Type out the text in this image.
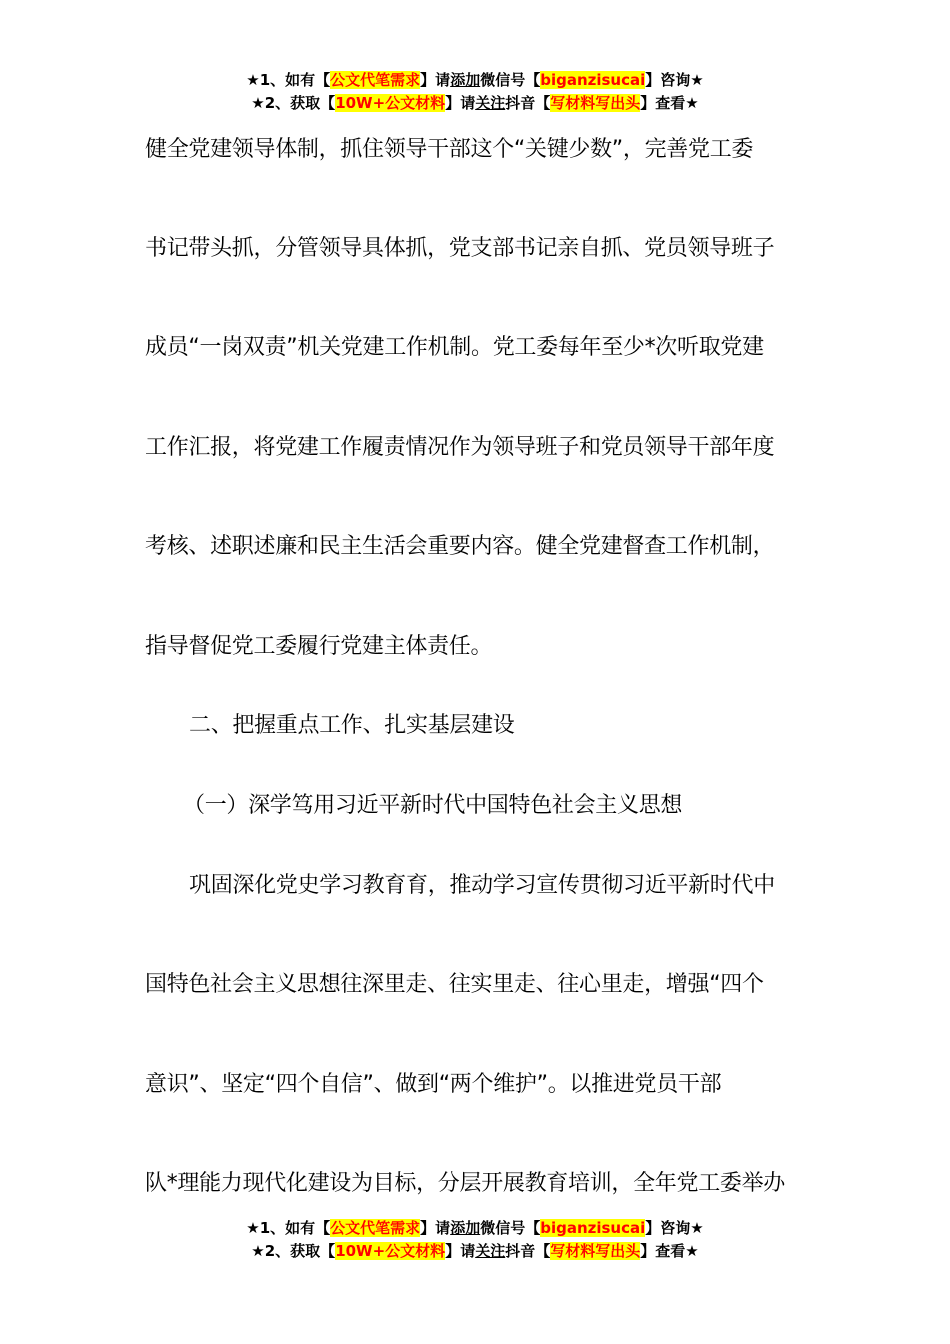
★1、如有【公文代笔需求】请添加微信号【biganzisucai】咨询★
★2、获取【10W+公文材料】请关注抖音【写材料写出头】查看★
健全党建领导体制，抓住领导干部这个“关键少数”，完善党工委
书记带头抓，分管领导具体抓，党支部书记亲自抓、党员领导班子
成员“一岗双责”机关党建工作机制。党工委每年至少*次听取党建
工作汇报，将党建工作履责情况作为领导班子和党员领导干部年度
考核、述职述廉和民主生活会重要内容。健全党建督查工作机制，
指导督促党工委履行党建主体责任。
二、把握重点工作、扎实基层建设
（一）深学笃用习近平新时代中国特色社会主义思想
巩固深化党史学习教育育，推动学习宣传贯彻习近平新时代中
国特色社会主义思想往深里走、往实里走、往心里走，增强“四个
意识”、坚定“四个自信”、做到“两个维护”。以推进党员干部
队*理能力现代化建设为目标，分层开展教育培训，全年党工委举办
★1、如有【公文代笔需求】请添加微信号【biganzisucai】咨询★
★2、获取【10W+公文材料】请关注抖音【写材料写出头】查看★
